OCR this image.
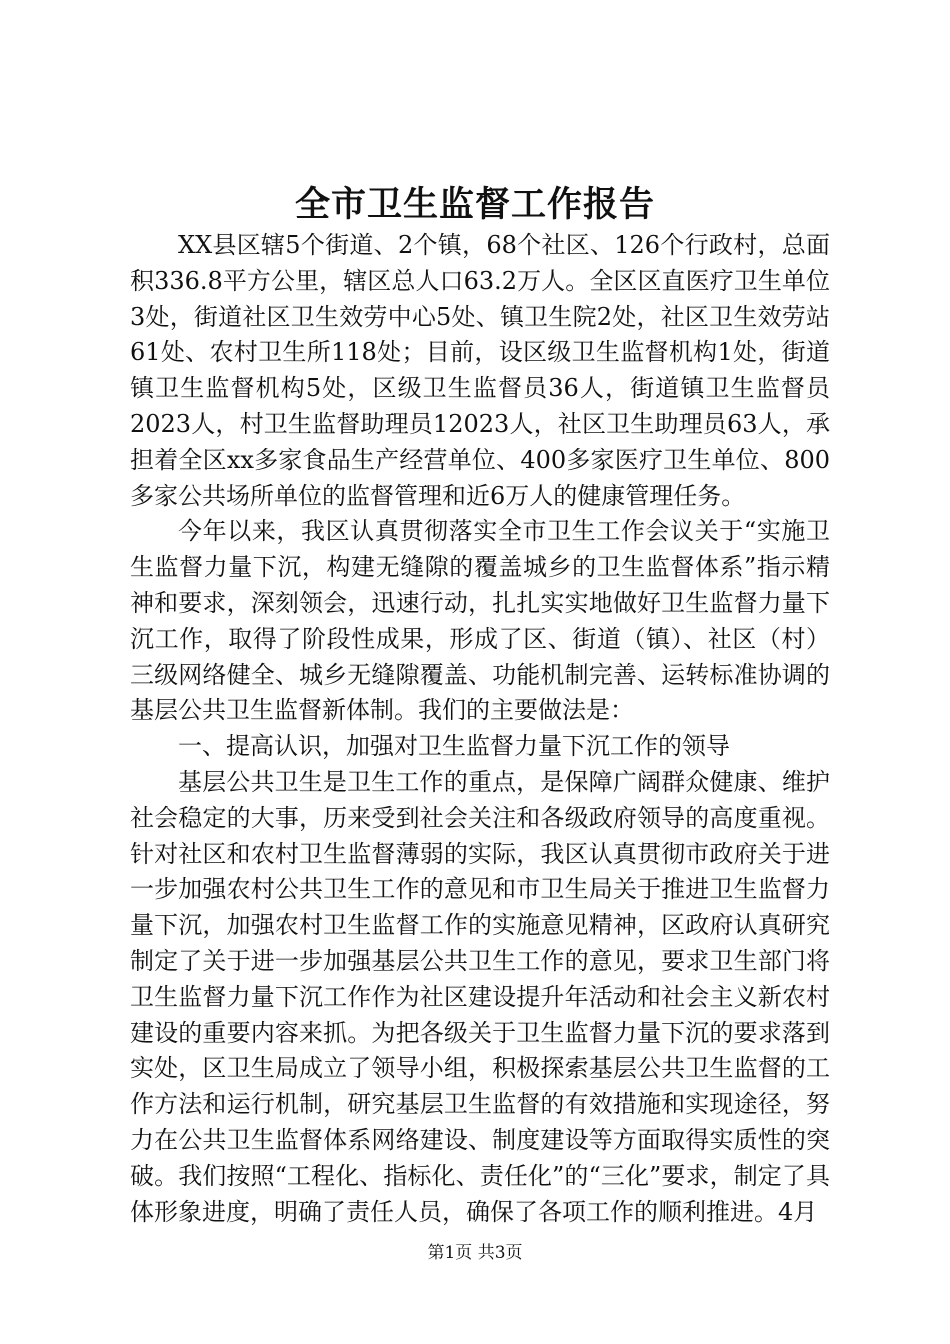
全市卫生监督工作报告

XX县区辖5个街道、2个镇，68个社区、126个行政村，总面积336.8平方公里，辖区总人口63.2万人。全区区直医疗卫生单位3处，街道社区卫生效劳中心5处、镇卫生院2处，社区卫生效劳站61处、农村卫生所118处；目前，设区级卫生监督机构1处，街道镇卫生监督机构5处，区级卫生监督员36人，街道镇卫生监督员2023人，村卫生监督助理员12023人，社区卫生助理员63人，承担着全区xx多家食品生产经营单位、400多家医疗卫生单位、800多家公共场所单位的监督管理和近6万人的健康管理任务。

今年以来，我区认真贯彻落实全市卫生工作会议关于“实施卫生监督力量下沉，构建无缝隙的覆盖城乡的卫生监督体系”指示精神和要求，深刻领会，迅速行动，扎扎实实地做好卫生监督力量下沉工作，取得了阶段性成果，形成了区、街道（镇）、社区（村）三级网络健全、城乡无缝隙覆盖、功能机制完善、运转标准协调的基层公共卫生监督新体制。我们的主要做法是：

一、提高认识，加强对卫生监督力量下沉工作的领导

基层公共卫生是卫生工作的重点，是保障广阔群众健康、维护社会稳定的大事，历来受到社会关注和各级政府领导的高度重视。针对社区和农村卫生监督薄弱的实际，我区认真贯彻市政府关于进一步加强农村公共卫生工作的意见和市卫生局关于推进卫生监督力量下沉，加强农村卫生监督工作的实施意见精神，区政府认真研究制定了关于进一步加强基层公共卫生工作的意见，要求卫生部门将卫生监督力量下沉工作作为社区建设提升年活动和社会主义新农村建设的重要内容来抓。为把各级关于卫生监督力量下沉的要求落到实处，区卫生局成立了领导小组，积极探索基层公共卫生监督的工作方法和运行机制，研究基层卫生监督的有效措施和实现途径，努力在公共卫生监督体系网络建设、制度建设等方面取得实质性的突破。我们按照“工程化、指标化、责任化”的“三化”要求，制定了具体形象进度，明确了责任人员，确保了各项工作的顺利推进。4月

第1页 共3页
